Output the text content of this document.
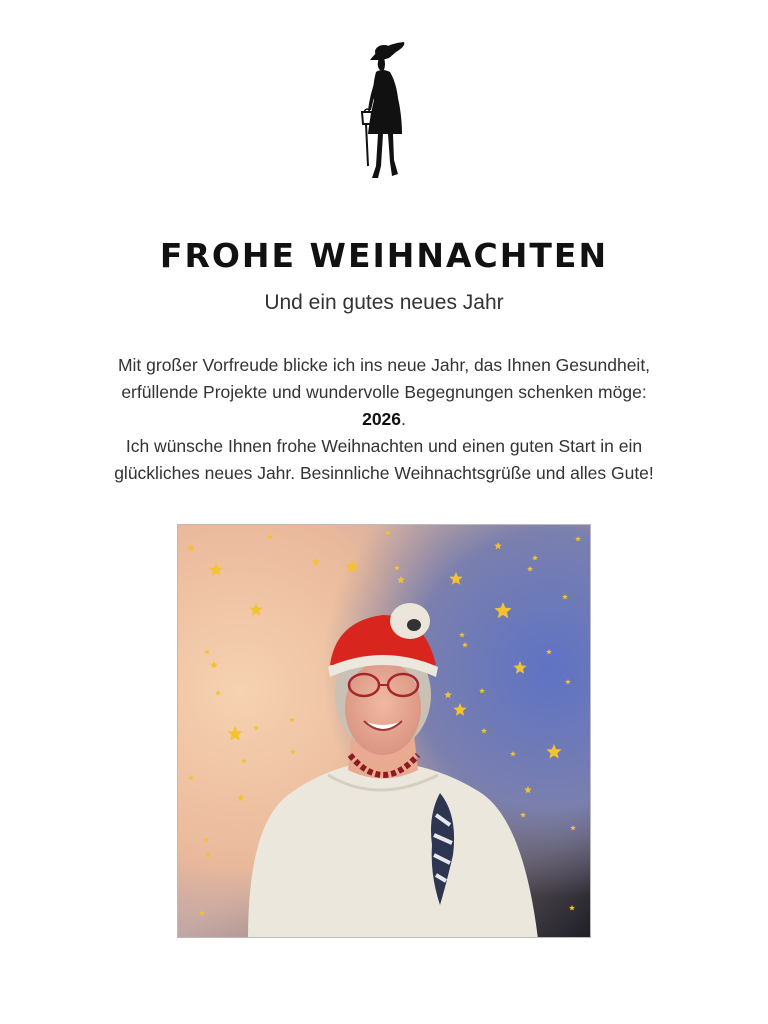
FROHE WEIHNACHTEN
Und ein gutes neues Jahr
Mit großer Vorfreude blicke ich ins neue Jahr, das Ihnen Gesundheit,
erfüllende Projekte und wundervolle Begegnungen schenken möge:
2026.
Ich wünsche Ihnen frohe Weihnachten und einen guten Start in ein
glückliches neues Jahr. Besinnliche Weihnachtsgrüße und alles Gute!
